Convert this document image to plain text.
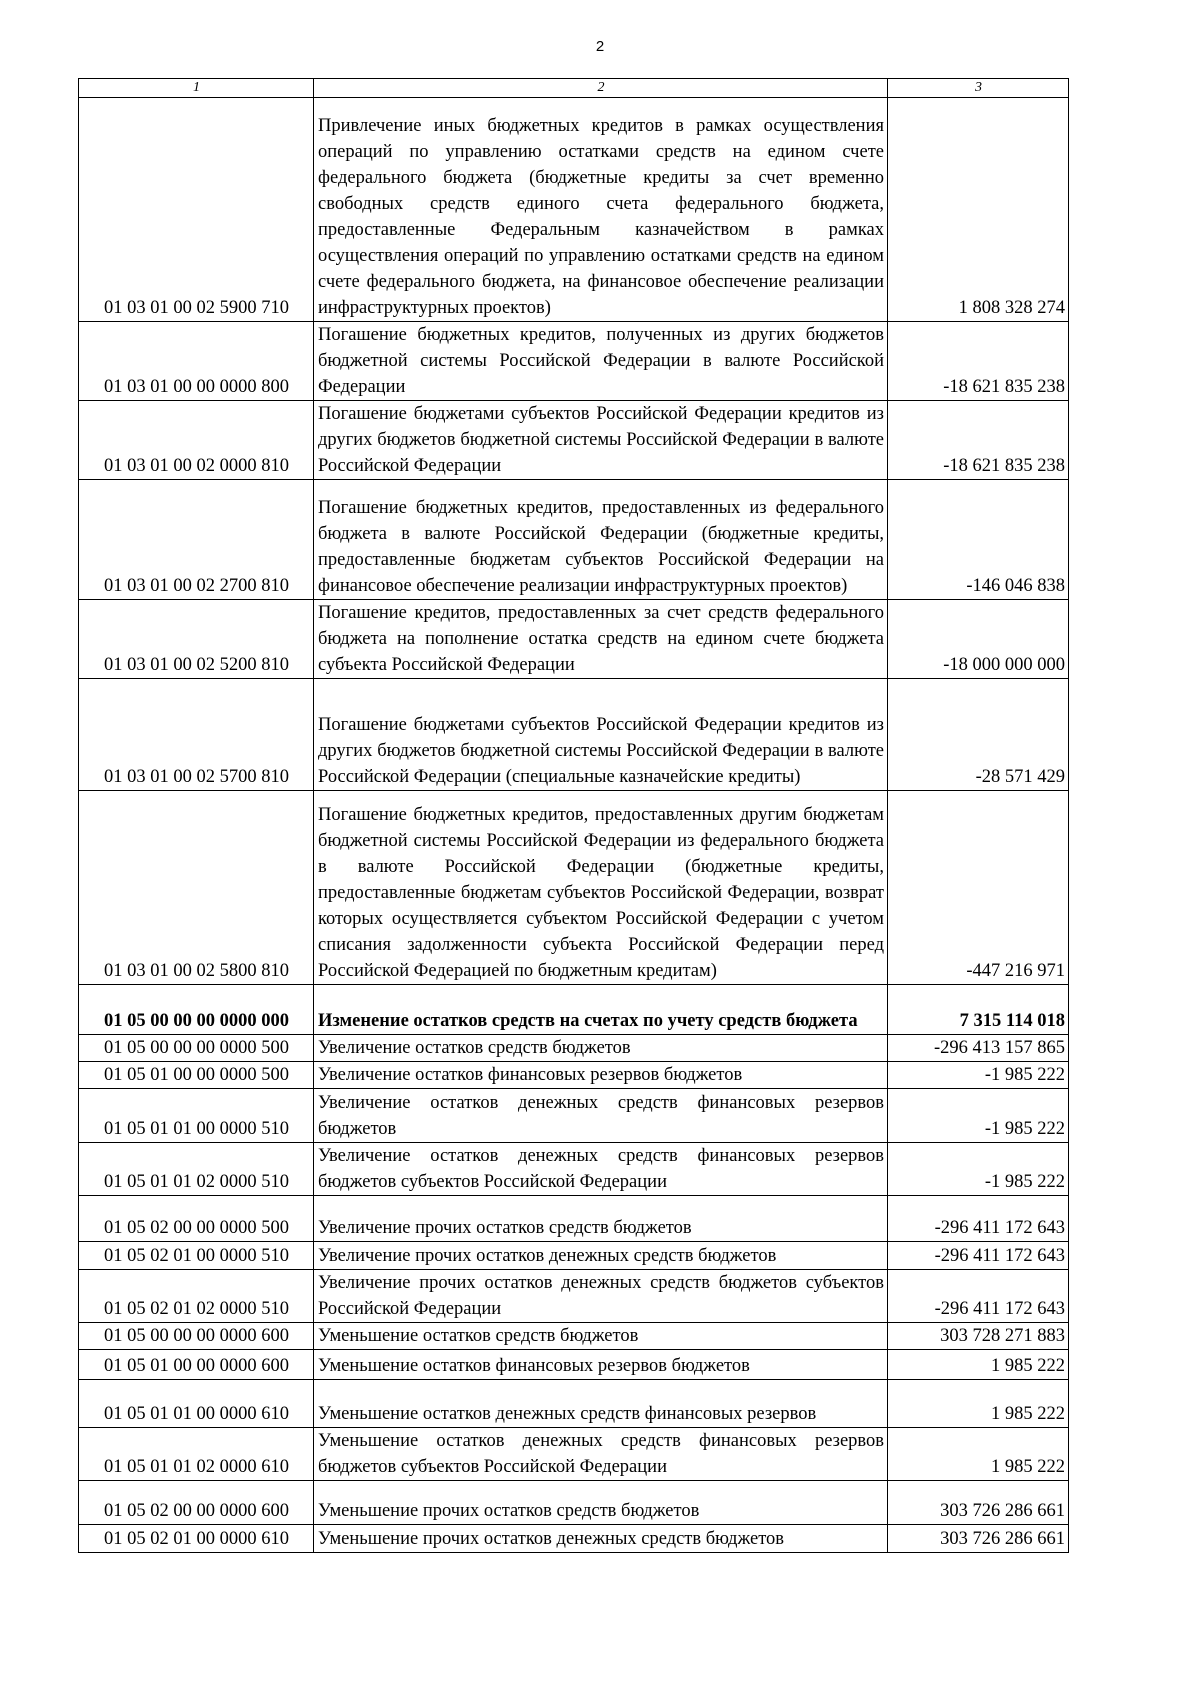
2
1	2	3
01 03 01 00 02 5900 710	Привлечение иных бюджетных кредитов в рамках осуществления операций по управлению остатками средств на едином счете федерального бюджета (бюджетные кредиты за счет временно свободных средств единого счета федерального бюджета, предоставленные Федеральным казначейством в рамках осуществления операций по управлению остатками средств на едином счете федерального бюджета, на финансовое обеспечение реализации инфраструктурных проектов)	1 808 328 274
01 03 01 00 00 0000 800	Погашение бюджетных кредитов, полученных из других бюджетов бюджетной системы Российской Федерации в валюте Российской Федерации	-18 621 835 238
01 03 01 00 02 0000 810	Погашение бюджетами субъектов Российской Федерации кредитов из других бюджетов бюджетной системы Российской Федерации в валюте Российской Федерации	-18 621 835 238
01 03 01 00 02 2700 810	Погашение бюджетных кредитов, предоставленных из федерального бюджета в валюте Российской Федерации (бюджетные кредиты, предоставленные бюджетам субъектов Российской Федерации на финансовое обеспечение реализации инфраструктурных проектов)	-146 046 838
01 03 01 00 02 5200 810	Погашение кредитов, предоставленных за счет средств федерального бюджета на пополнение остатка средств на едином счете бюджета субъекта Российской Федерации	-18 000 000 000
01 03 01 00 02 5700 810	Погашение бюджетами субъектов Российской Федерации кредитов из других бюджетов бюджетной системы Российской Федерации в валюте Российской Федерации (специальные казначейские кредиты)	-28 571 429
01 03 01 00 02 5800 810	Погашение бюджетных кредитов, предоставленных другим бюджетам бюджетной системы Российской Федерации из федерального бюджета в валюте Российской Федерации (бюджетные кредиты, предоставленные бюджетам субъектов Российской Федерации, возврат которых осуществляется субъектом Российской Федерации с учетом списания задолженности субъекта Российской Федерации перед Российской Федерацией по бюджетным кредитам)	-447 216 971
01 05 00 00 00 0000 000	Изменение остатков средств на счетах по учету средств бюджета	7 315 114 018
01 05 00 00 00 0000 500	Увеличение остатков средств бюджетов	-296 413 157 865
01 05 01 00 00 0000 500	Увеличение остатков финансовых резервов бюджетов	-1 985 222
01 05 01 01 00 0000 510	Увеличение остатков денежных средств финансовых резервов бюджетов	-1 985 222
01 05 01 01 02 0000 510	Увеличение остатков денежных средств финансовых резервов бюджетов субъектов Российской Федерации	-1 985 222
01 05 02 00 00 0000 500	Увеличение прочих остатков средств бюджетов	-296 411 172 643
01 05 02 01 00 0000 510	Увеличение прочих остатков денежных средств бюджетов	-296 411 172 643
01 05 02 01 02 0000 510	Увеличение прочих остатков денежных средств бюджетов субъектов Российской Федерации	-296 411 172 643
01 05 00 00 00 0000 600	Уменьшение остатков средств бюджетов	303 728 271 883
01 05 01 00 00 0000 600	Уменьшение остатков финансовых резервов бюджетов	1 985 222
01 05 01 01 00 0000 610	Уменьшение остатков денежных средств финансовых резервов	1 985 222
01 05 01 01 02 0000 610	Уменьшение остатков денежных средств финансовых резервов бюджетов субъектов Российской Федерации	1 985 222
01 05 02 00 00 0000 600	Уменьшение прочих остатков средств бюджетов	303 726 286 661
01 05 02 01 00 0000 610	Уменьшение прочих остатков денежных средств бюджетов	303 726 286 661
